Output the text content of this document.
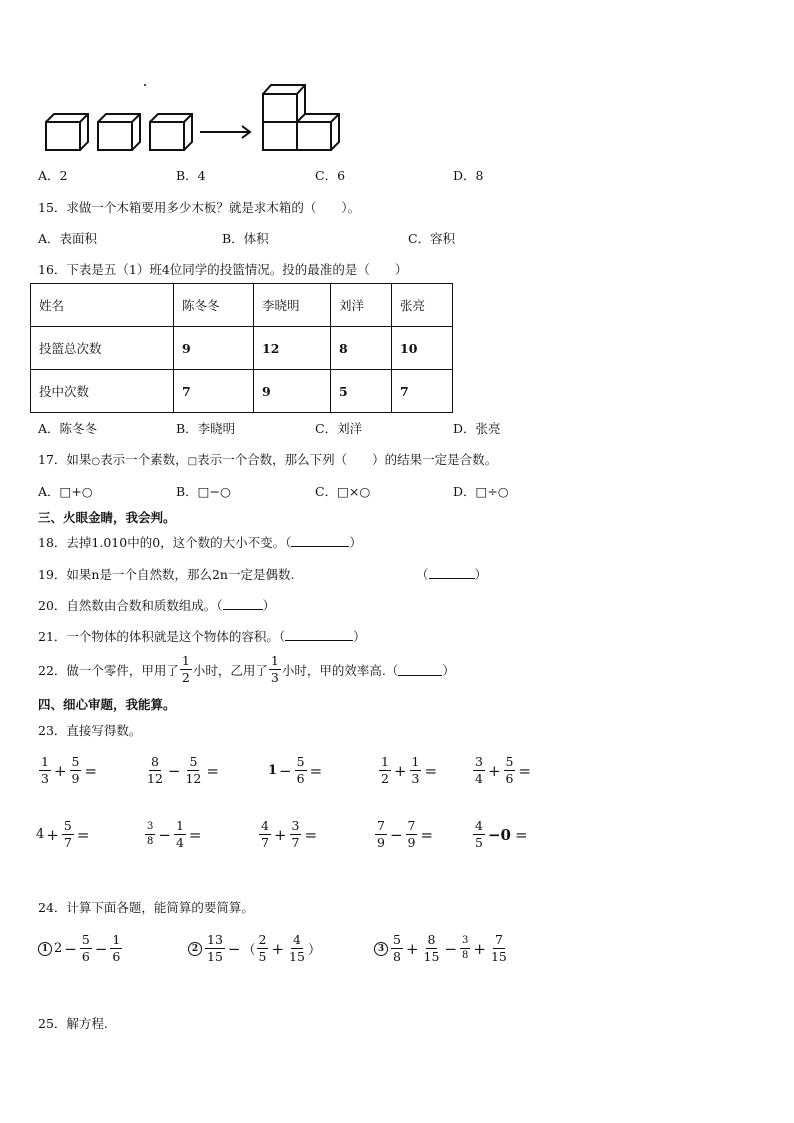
A．2	B．4	C．6	D．8
15．求做一个木箱要用多少木板？就是求木箱的（　　）。
A．表面积	B．体积	C．容积
16．下表是五（1）班4位同学的投篮情况。投的最准的是（　　）
姓名	陈冬冬	李晓明	刘洋	张亮
投篮总次数	9	12	8	10
投中次数	7	9	5	7
A．陈冬冬	B．李晓明	C．刘洋	D．张亮
17．如果○表示一个素数，□表示一个合数，那么下列（　　）的结果一定是合数。
A．□+○	B．□−○	C．□×○	D．□÷○
三、火眼金睛，我会判。
18．去掉1.010中的0，这个数的大小不变。（	）
19．如果n是一个自然数，那么2n一定是偶数.	（	）
20．自然数由合数和质数组成。（	）
21．一个物体的体积就是这个物体的容积。（	）
22．做一个零件，甲用了 $\frac{1}{2}$ 小时，乙用了 $\frac{1}{3}$ 小时，甲的效率高.（	）
四、细心审题，我能算。
23．直接写得数。
$\frac{1}{3} + \frac{5}{9}$ =	$\frac{8}{12} - \frac{5}{12}$ =	$1 - \frac{5}{6}$ =	$\frac{1}{2} + \frac{1}{3}$ =	$\frac{3}{4} + \frac{5}{6}$ =
$4 + \frac{5}{7}$ =	$\frac{3}{8} - \frac{1}{4}$ =	$\frac{4}{7} + \frac{3}{7}$ =	$\frac{7}{9} - \frac{7}{9}$ =	$\frac{4}{5} -0$ =
24．计算下面各题，能简算的要简算。
1 $2 - \frac{5}{6} - \frac{1}{6}$	$2 \frac{13}{15}$ − （ $\frac{2}{5} + \frac{4}{15}$ ）	$3 \frac{5}{8} + \frac{8}{15} - \frac{3}{8} + \frac{7}{15}$
25．解方程.
